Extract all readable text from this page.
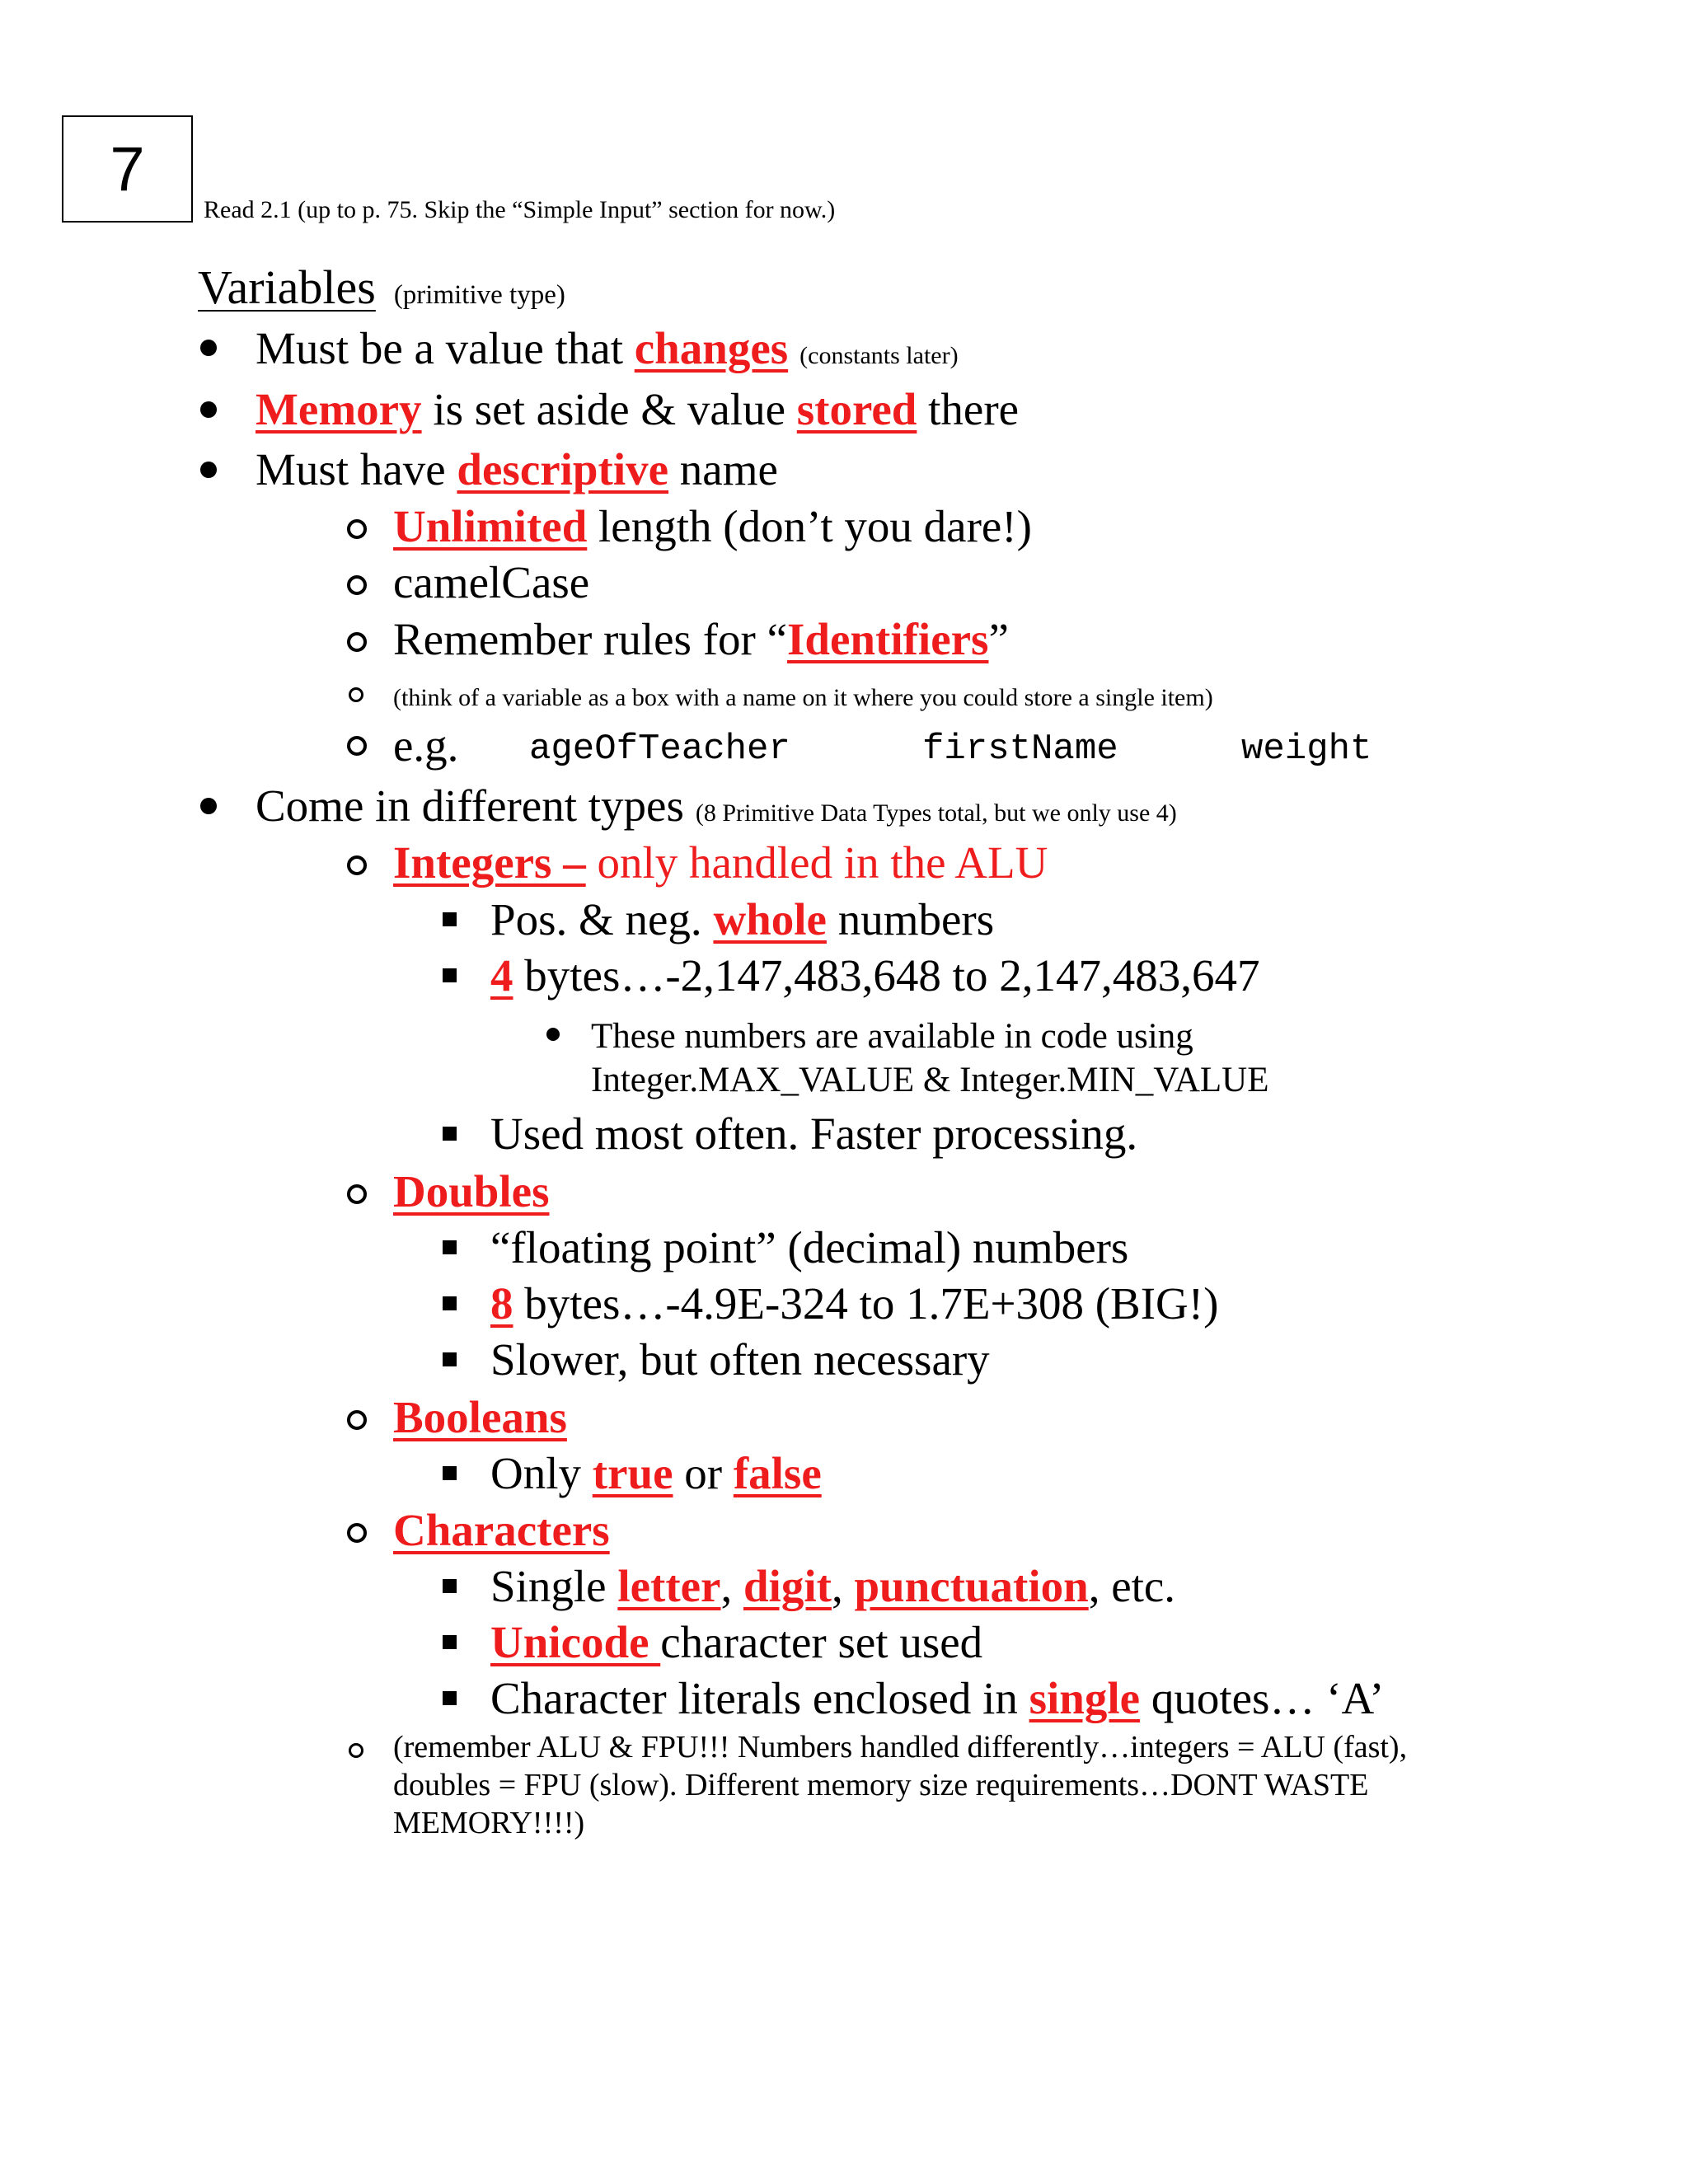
7
Read 2.1 (up to p. 75. Skip the “Simple Input” section for now.)
Variables (primitive type)
Must be a value that changes (constants later)
Memory is set aside & value stored there
Must have descriptive name
Unlimited length (don’t you dare!)
camelCase
Remember rules for “Identifiers”
(think of a variable as a box with a name on it where you could store a single item)
e.g. ageOfTeacher	firstName	weight
Come in different types (8 Primitive Data Types total, but we only use 4)
Integers – only handled in the ALU
Pos. & neg. whole numbers
4 bytes…-2,147,483,648 to 2,147,483,647
These numbers are available in code using
Integer.MAX_VALUE & Integer.MIN_VALUE
Used most often. Faster processing.
Doubles
“floating point” (decimal) numbers
8 bytes…-4.9E-324 to 1.7E+308 (BIG!)
Slower, but often necessary
Booleans
Only true or false
Characters
Single letter, digit, punctuation, etc.
Unicode character set used
Character literals enclosed in single quotes… ‘A’
(remember ALU & FPU!!! Numbers handled differently…integers = ALU (fast),
doubles = FPU (slow). Different memory size requirements…DONT WASTE
MEMORY!!!!)
